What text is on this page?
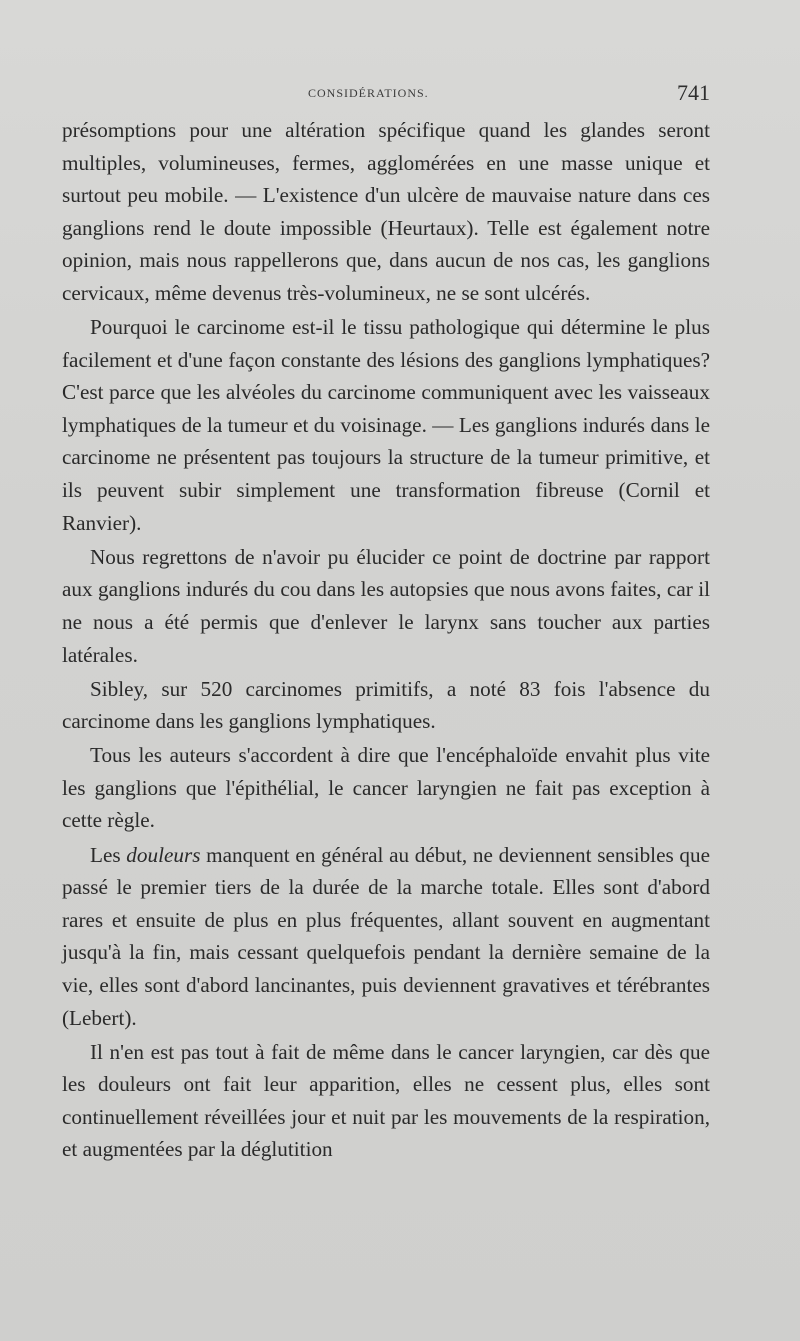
CONSIDÉRATIONS.	741

présomptions pour une altération spécifique quand les glandes seront multiples, volumineuses, fermes, agglomérées en une masse unique et surtout peu mobile. — L'existence d'un ulcère de mauvaise nature dans ces ganglions rend le doute impossible (Heurtaux). Telle est également notre opinion, mais nous rappellerons que, dans aucun de nos cas, les ganglions cervicaux, même devenus très-volumineux, ne se sont ulcérés.

Pourquoi le carcinome est-il le tissu pathologique qui détermine le plus facilement et d'une façon constante des lésions des ganglions lymphatiques? C'est parce que les alvéoles du carcinome communiquent avec les vaisseaux lymphatiques de la tumeur et du voisinage. — Les ganglions indurés dans le carcinome ne présentent pas toujours la structure de la tumeur primitive, et ils peuvent subir simplement une transformation fibreuse (Cornil et Ranvier).

Nous regrettons de n'avoir pu élucider ce point de doctrine par rapport aux ganglions indurés du cou dans les autopsies que nous avons faites, car il ne nous a été permis que d'enlever le larynx sans toucher aux parties latérales.

Sibley, sur 520 carcinomes primitifs, a noté 83 fois l'absence du carcinome dans les ganglions lymphatiques.

Tous les auteurs s'accordent à dire que l'encéphaloïde envahit plus vite les ganglions que l'épithélial, le cancer laryngien ne fait pas exception à cette règle.

Les douleurs manquent en général au début, ne deviennent sensibles que passé le premier tiers de la durée de la marche totale. Elles sont d'abord rares et ensuite de plus en plus fréquentes, allant souvent en augmentant jusqu'à la fin, mais cessant quelquefois pendant la dernière semaine de la vie, elles sont d'abord lancinantes, puis deviennent gravatives et térébrantes (Lebert).

Il n'en est pas tout à fait de même dans le cancer laryngien, car dès que les douleurs ont fait leur apparition, elles ne cessent plus, elles sont continuellement réveillées jour et nuit par les mouvements de la respiration, et augmentées par la déglutition
